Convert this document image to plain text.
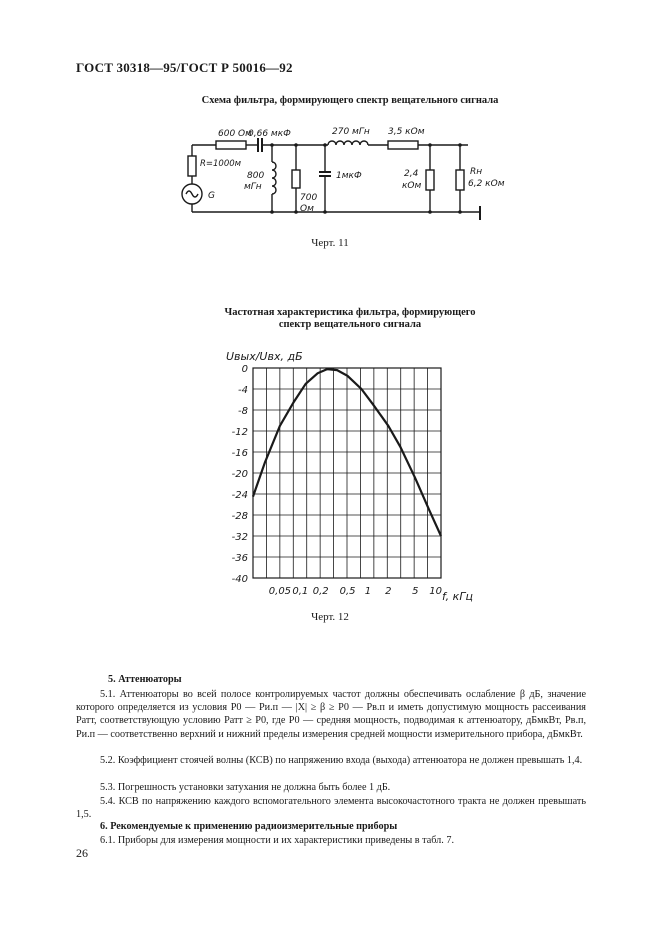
ГОСТ 30318—95/ГОСТ Р 50016—92
Схема фильтра, формирующего спектр вещательного сигнала
600 Ом
0,66 мкФ	270 мГн 3,5 кОм
R=1000м
G
800
мГн
700
Ом
1мкФ	2,4
кОм
Rн
6,2 кОм
Черт. 11
Частотная характеристика фильтра, формирующего
спектр вещательного сигнала
Uвых/Uвх, дБ
0
-4
-8
-12
-16
-20
-24
-28
-32
-36
-40
0,05 0,1 0,2 0,5 1 2 5 10 f, кГц
Черт. 12
5. Аттенюаторы
5.1. Аттенюаторы во всей полосе контролируемых частот должны обеспечивать ослабление β дБ, значение которого определяется из условия P0 — Pи.п — |X| ≥ β ≥ P0 — Pв.п и иметь допустимую мощность рассеивания Pатт, соответствующую условию Pатт ≥ P0, где P0 — средняя мощность, подводимая к аттенюатору, дБмкВт, Pв.п, Pи.п — соответственно верхний и нижний пределы измерения средней мощности измерительного прибора, дБмкВт.
5.2. Коэффициент стоячей волны (КСВ) по напряжению входа (выхода) аттенюатора не должен превышать 1,4.
5.3. Погрешность установки затухания не должна быть более 1 дБ.
5.4. КСВ по напряжению каждого вспомогательного элемента высокочастотного тракта не должен превышать 1,5.
6. Рекомендуемые к применению радиоизмерительные приборы
6.1. Приборы для измерения мощности и их характеристики приведены в табл. 7.
26
